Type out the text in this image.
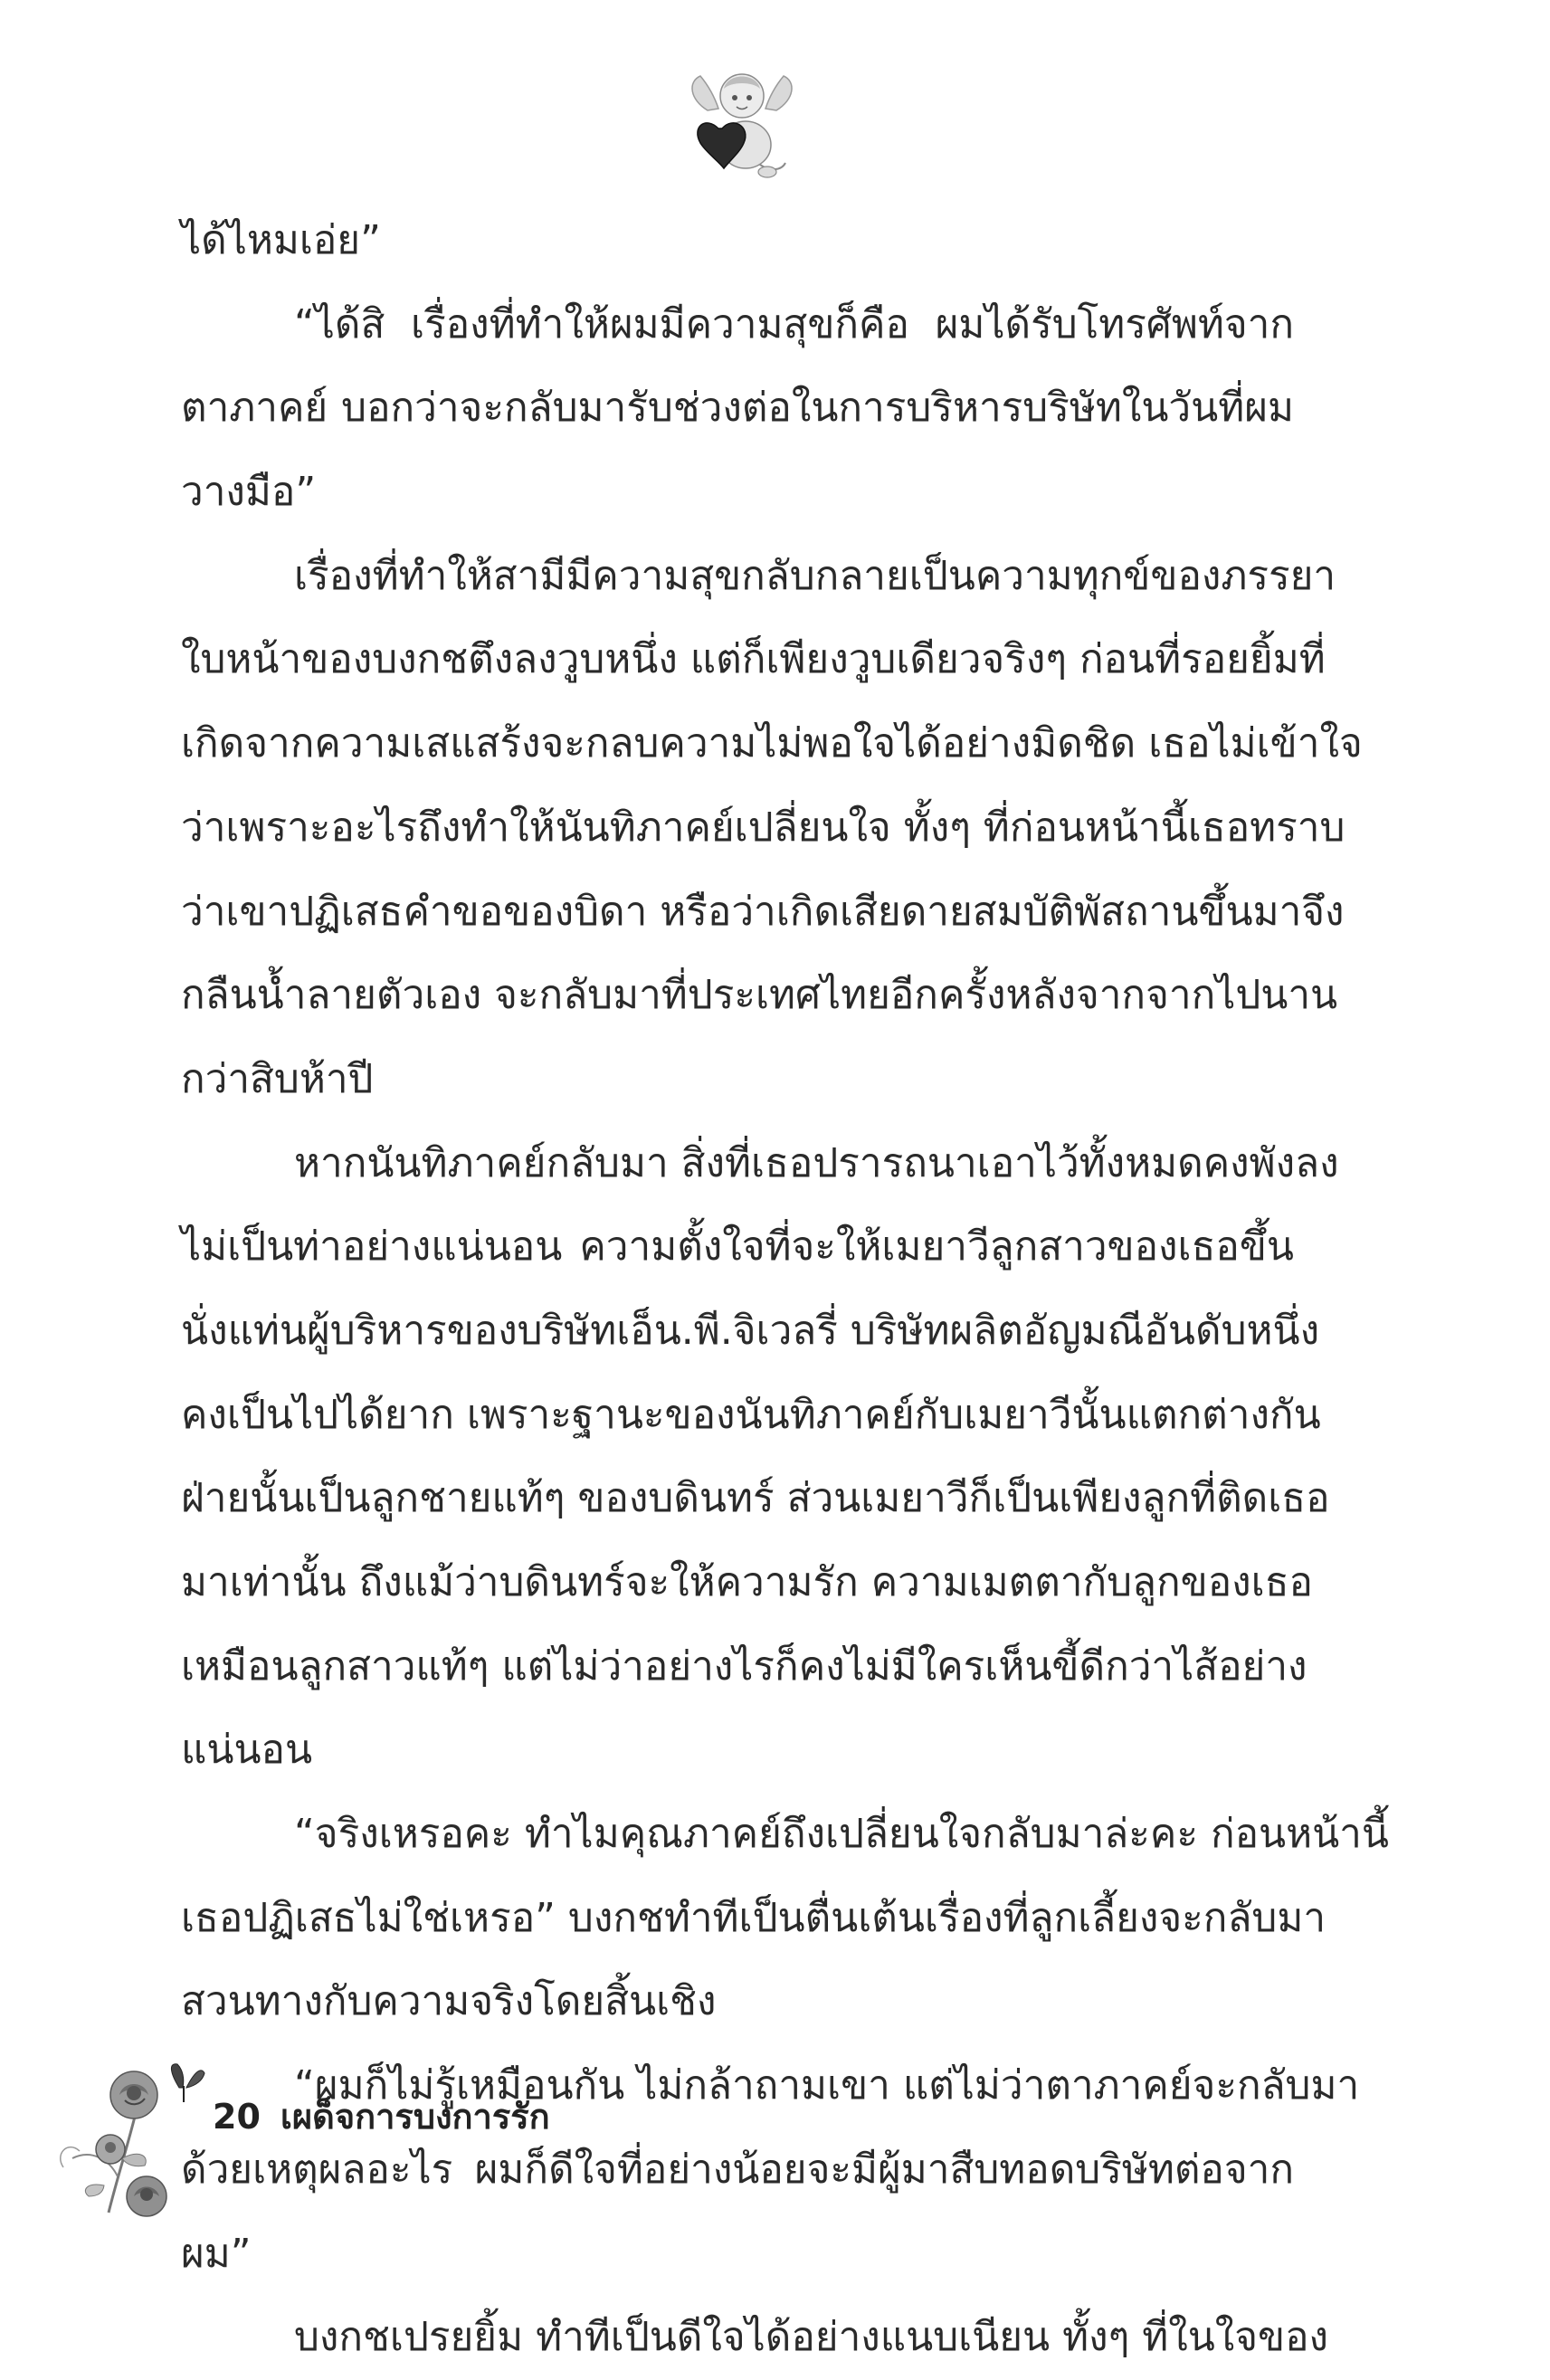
ได้ไหมเอ่ย”
“ได้สิ เรื่องที่ทำให้ผมมีความสุขก็คือ ผมได้รับโทรศัพท์จาก
ตาภาคย์ บอกว่าจะกลับมารับช่วงต่อในการบริหารบริษัทในวันที่ผม
วางมือ”
เรื่องที่ทำให้สามีมีความสุขกลับกลายเป็นความทุกข์ของภรรยา
ใบหน้าของบงกชตึงลงวูบหนึ่ง แต่ก็เพียงวูบเดียวจริงๆ ก่อนที่รอยยิ้มที่
เกิดจากความเสแสร้งจะกลบความไม่พอใจได้อย่างมิดชิด เธอไม่เข้าใจ
ว่าเพราะอะไรถึงทำให้นันทิภาคย์เปลี่ยนใจ ทั้งๆ ที่ก่อนหน้านี้เธอทราบ
ว่าเขาปฏิเสธคำขอของบิดา หรือว่าเกิดเสียดายสมบัติพัสถานขึ้นมาจึง
กลืนน้ำลายตัวเอง จะกลับมาที่ประเทศไทยอีกครั้งหลังจากจากไปนาน
กว่าสิบห้าปี
หากนันทิภาคย์กลับมา สิ่งที่เธอปรารถนาเอาไว้ทั้งหมดคงพังลง
ไม่เป็นท่าอย่างแน่นอน ความตั้งใจที่จะให้เมยาวีลูกสาวของเธอขึ้น
นั่งแท่นผู้บริหารของบริษัทเอ็น.พี.จิเวลรี่ บริษัทผลิตอัญมณีอันดับหนึ่ง
คงเป็นไปได้ยาก เพราะฐานะของนันทิภาคย์กับเมยาวีนั้นแตกต่างกัน
ฝ่ายนั้นเป็นลูกชายแท้ๆ ของบดินทร์ ส่วนเมยาวีก็เป็นเพียงลูกที่ติดเธอ
มาเท่านั้น ถึงแม้ว่าบดินทร์จะให้ความรัก ความเมตตากับลูกของเธอ
เหมือนลูกสาวแท้ๆ แต่ไม่ว่าอย่างไรก็คงไม่มีใครเห็นขี้ดีกว่าไส้อย่าง
แน่นอน
“จริงเหรอคะ ทำไมคุณภาคย์ถึงเปลี่ยนใจกลับมาล่ะคะ ก่อนหน้านี้
เธอปฏิเสธไม่ใช่เหรอ” บงกชทำทีเป็นตื่นเต้นเรื่องที่ลูกเลี้ยงจะกลับมา
สวนทางกับความจริงโดยสิ้นเชิง
“ผมก็ไม่รู้เหมือนกัน ไม่กล้าถามเขา แต่ไม่ว่าตาภาคย์จะกลับมา
ด้วยเหตุผลอะไร ผมก็ดีใจที่อย่างน้อยจะมีผู้มาสืบทอดบริษัทต่อจาก
ผม”
บงกชเปรยยิ้ม ทำทีเป็นดีใจได้อย่างแนบเนียน ทั้งๆ ที่ในใจของ
20 เผด็จการบงการรัก
